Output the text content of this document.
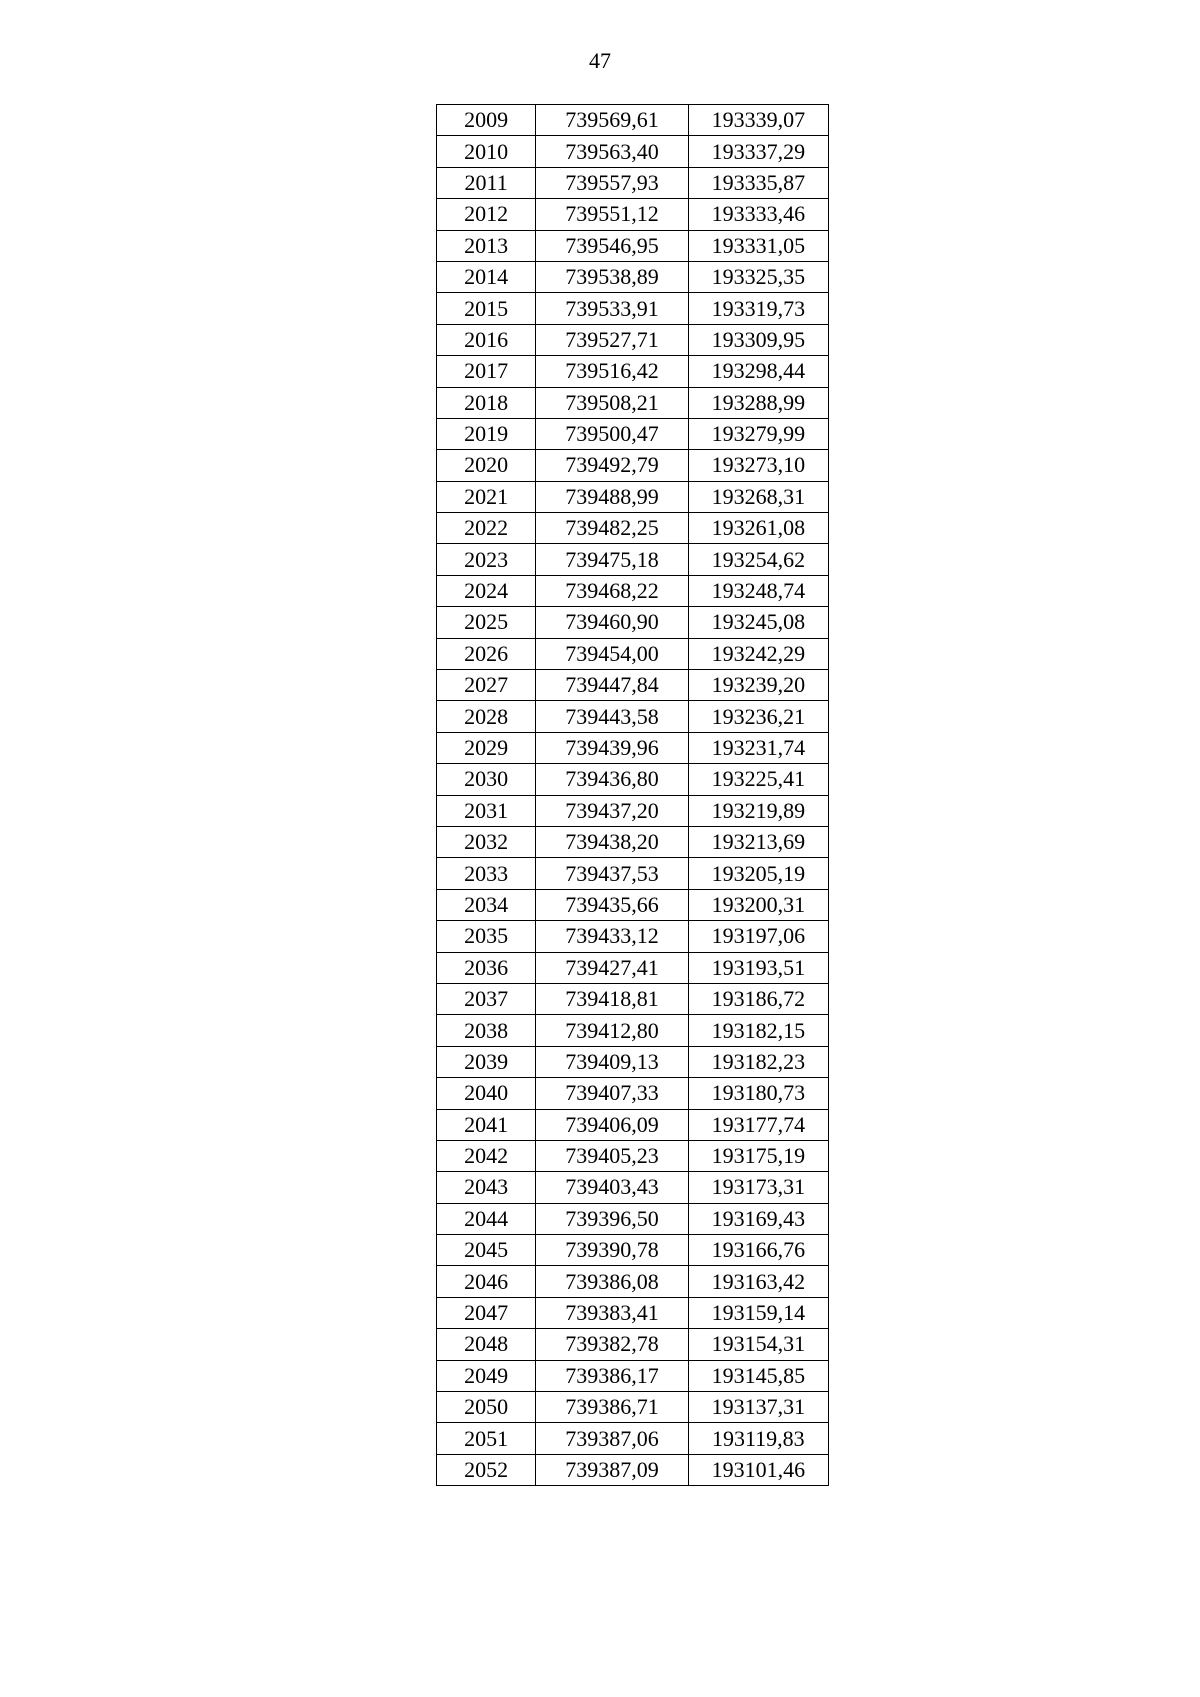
47
2009	739569,61	193339,07
2010	739563,40	193337,29
2011	739557,93	193335,87
2012	739551,12	193333,46
2013	739546,95	193331,05
2014	739538,89	193325,35
2015	739533,91	193319,73
2016	739527,71	193309,95
2017	739516,42	193298,44
2018	739508,21	193288,99
2019	739500,47	193279,99
2020	739492,79	193273,10
2021	739488,99	193268,31
2022	739482,25	193261,08
2023	739475,18	193254,62
2024	739468,22	193248,74
2025	739460,90	193245,08
2026	739454,00	193242,29
2027	739447,84	193239,20
2028	739443,58	193236,21
2029	739439,96	193231,74
2030	739436,80	193225,41
2031	739437,20	193219,89
2032	739438,20	193213,69
2033	739437,53	193205,19
2034	739435,66	193200,31
2035	739433,12	193197,06
2036	739427,41	193193,51
2037	739418,81	193186,72
2038	739412,80	193182,15
2039	739409,13	193182,23
2040	739407,33	193180,73
2041	739406,09	193177,74
2042	739405,23	193175,19
2043	739403,43	193173,31
2044	739396,50	193169,43
2045	739390,78	193166,76
2046	739386,08	193163,42
2047	739383,41	193159,14
2048	739382,78	193154,31
2049	739386,17	193145,85
2050	739386,71	193137,31
2051	739387,06	193119,83
2052	739387,09	193101,46
